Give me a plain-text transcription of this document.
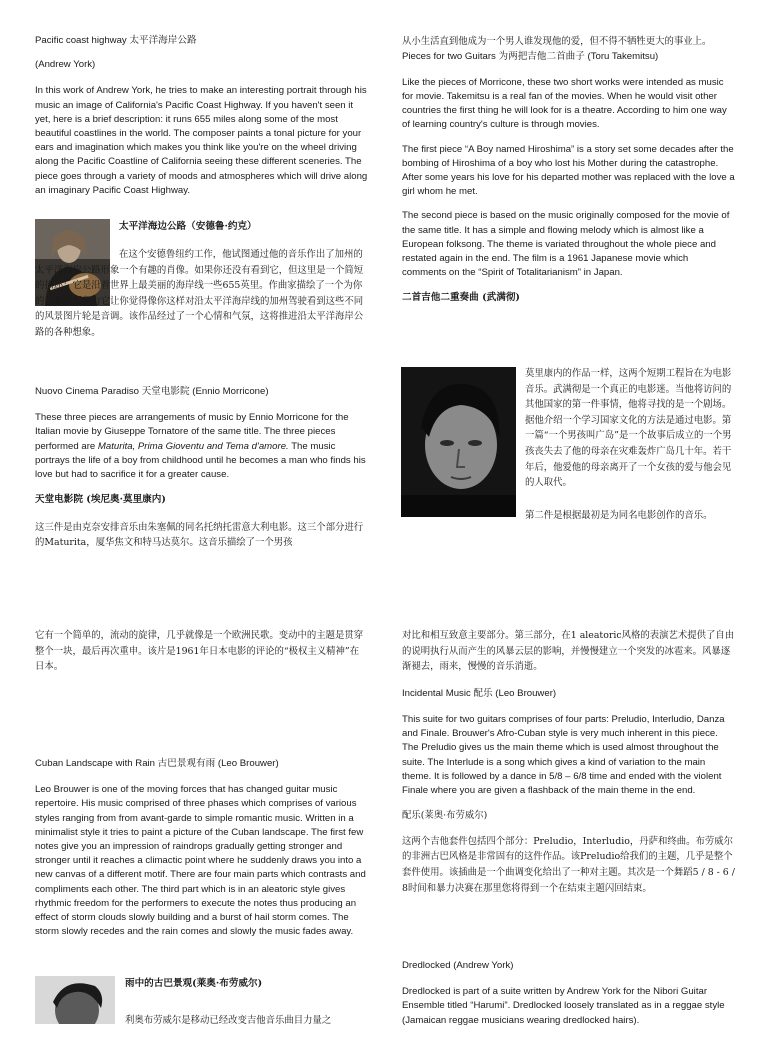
Pacific coast highway 太平洋海岸公路

(Andrew York)

In this work of Andrew York, he tries to make an interesting portrait through his music an image of California's Pacific Coast Highway. If you haven't seen it yet, here is a brief description: it runs 655 miles along some of the most beautiful coastlines in the world. The composer paints a tonal picture for your ears and imagination which makes you think like you're on the wheel driving along the Pacific Coastline of California seeing these different sceneries. The piece goes through a variety of moods and atmospheres which will drive along an imaginary Pacific Coast Highway.

太平洋海边公路（安德鲁·约克）

在这个安德鲁纽约工作，他试图通过他的音乐作出了加州的太平洋海岸公路形象一个有趣的肖像。如果你还没有看到它，但这里是一个简短的描述：它是沿着世界上最美丽的海岸线一些655英里。作曲家描绘了一个为你的耳朵和想象力它让你觉得像你这样对沿太平洋海岸线的加州驾驶看到这些不同的风景图片轮是音调。该作品经过了一个心情和气氛，这将推进沿太平洋海岸公路的各种想象。

Nuovo Cinema Paradiso 天堂电影院 (Ennio Morricone)

These three pieces are arrangements of music by Ennio Morricone for the Italian movie by Giuseppe Tornatore of the same title. The three pieces performed are Maturita, Prima Gioventu and Tema d'amore. The music portrays the life of a boy from childhood until he becomes a man who finds his love but had to sacrifice it for a greater cause.

天堂电影院 (埃尼奥·莫里康内)

这三件是由克奈安排音乐由朱塞佩的同名托纳托雷意大利电影。这三个部分进行的Maturita，厦华焦文和特马达莫尔。这音乐描绘了一个男孩

从小生活直到他成为一个男人谁发现他的爱，但不得不牺牲更大的事业上。

Pieces for two Guitars 为两把吉他二首曲子 (Toru Takemitsu)

Like the pieces of Morricone, these two short works were intended as music for movie. Takemitsu is a real fan of the movies. When he would visit other countries the first thing he will look for is a theatre. According to him one way of learning country's culture is through movies.

The first piece “A Boy named Hiroshima” is a story set some decades after the bombing of Hiroshima of a boy who lost his Mother during the catastrophe. After some years his love for his departed mother was replaced with the love a girl whom he met.

The second piece is based on the music originally composed for the movie of the same title. It has a simple and flowing melody which is almost like a European folksong. The theme is variated throughout the whole piece and restated again in the end. The film is a 1961 Japanese movie which comments on the “Spirit of Totalitarianism” in Japan.

二首吉他二重奏曲 (武满彻)

莫里康内的作品一样，这两个短期工程旨在为电影音乐。武满彻是一个真正的电影迷。当他将访问的其他国家的第一件事情，他将寻找的是一个剧场。据他介绍一个学习国家文化的方法是通过电影。第一篇“一个男孩叫广岛”是一个故事后成立的一个男孩丧失去了他的母亲在灾难轰炸广岛几十年。若干年后，他爱他的母亲离开了一个女孩的爱与他会见的人取代。
第二件是根据最初是为同名电影创作的音乐。

它有一个简单的，流动的旋律，几乎就像是一个欧洲民歌。变动中的主题是贯穿整个一块，最后再次重申。该片是1961年日本电影的评论的“极权主义精神”在日本。

Cuban Landscape with Rain 古巴景观有雨 (Leo Brouwer)

Leo Brouwer is one of the moving forces that has changed guitar music repertoire. His music comprised of three phases which comprises of various styles ranging from from avant-garde to simple romantic music. Written in a minimalist style it tries to paint a picture of the Cuban landscape. The first few notes give you an impression of raindrops gradually getting stronger and stronger until it reaches a climactic point where he suddenly draws you into a new canvas of a different motif. There are four main parts which contrasts and compliments each other. The third part which is in an aleatoric style gives rhythmic freedom for the performers to execute the notes thus producing an effect of storm clouds slowly building and a burst of hail storm comes. The storm slowly recedes and the rain comes and slowly the music fades away.

雨中的古巴景观(莱奥·布劳威尔)
利奥布劳威尔是移动已经改变吉他音乐曲目力量之

对比和相互致意主要部分。第三部分，在1 aleatoric风格的表演艺术提供了自由的说明执行从而产生的风暴云层的影响，并慢慢建立一个突发的冰雹来。风暴逐渐褪去，雨来，慢慢的音乐消逝。

Incidental Music 配乐 (Leo Brouwer)

This suite for two guitars comprises of four parts: Preludio, Interludio, Danza and Finale. Brouwer's Afro-Cuban style is very much inherent in this piece. The Preludio gives us the main theme which is used almost throughout the suite. The Interlude is a song which gives a kind of variation to the main theme. It is followed by a dance in 5/8 – 6/8 time and ended with the violent Finale where you are given a flashback of the main theme in the end.

配乐(莱奥·布劳威尔)

这两个吉他套件包括四个部分：Preludio，Interludio，丹萨和终曲。布劳威尔的非洲古巴风格是非常固有的这件作品。该Preludio给我们的主题，几乎是整个套件使用。该插曲是一个曲调变化给出了一种对主题。其次是一个舞蹈5 / 8 - 6 / 8时间和暴力决赛在那里您将得到一个在结束主题闪回结束。

Dredlocked (Andrew York)

Dredlocked is part of a suite written by Andrew York for the Nibori Guitar Ensemble titled “Harumi”. Dredlocked loosely translated as in a reggae style (Jamaican reggae musicians wearing dredlocked hairs).
